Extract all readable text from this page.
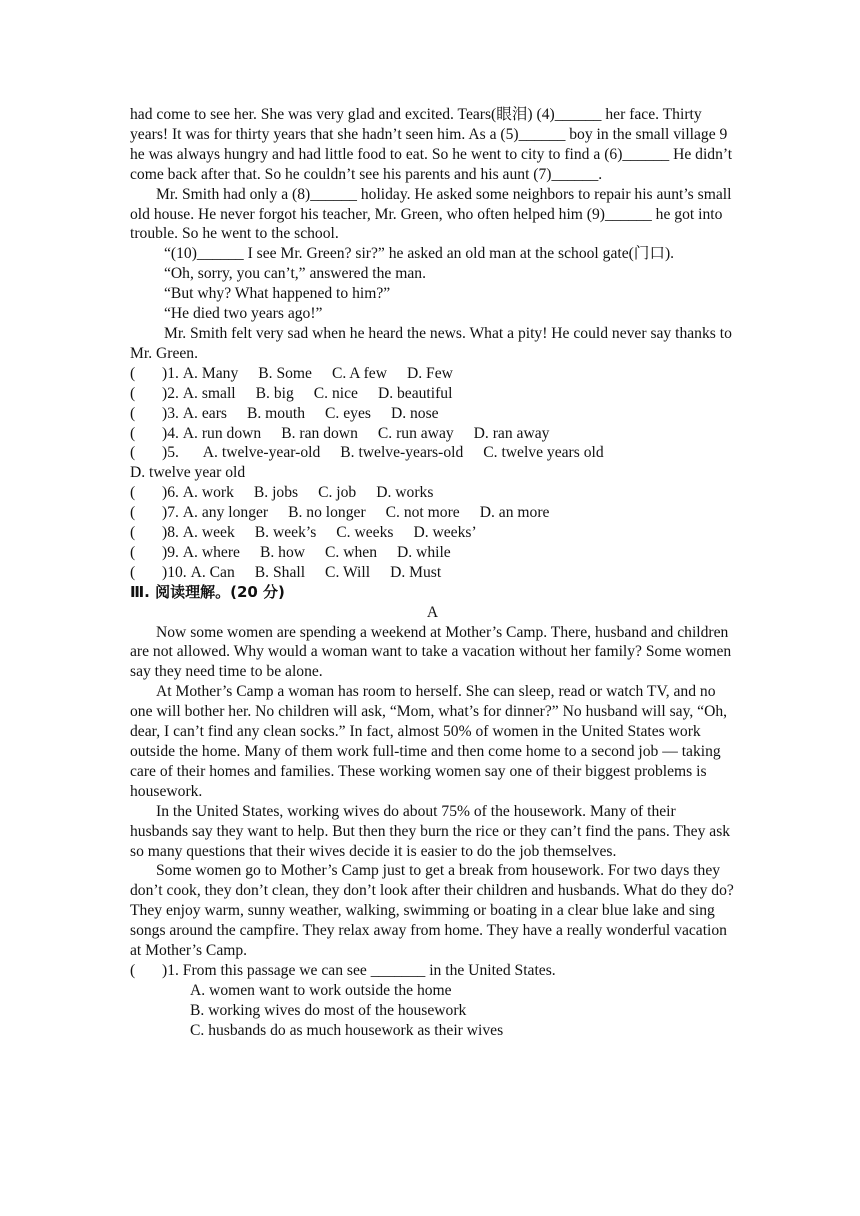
had come to see her. She was very glad and excited. Tears(眼泪) (4)______ her face. Thirty years! It was for thirty years that she hadn’t seen him. As a (5)______ boy in the small village 9 he was always hungry and had little food to eat. So he went to city to find a (6)______ He didn’t come back after that. So he couldn’t see his parents and his aunt (7)______.

Mr. Smith had only a (8)______ holiday. He asked some neighbors to repair his aunt’s small old house. He never forgot his teacher, Mr. Green, who often helped him (9)______ he got into trouble. So he went to the school.

“(10)______ I see Mr. Green? sir?” he asked an old man at the school gate(门口).

“Oh, sorry, you can’t,” answered the man.

“But why? What happened to him?”

“He died two years ago!”

Mr. Smith felt very sad when he heard the news. What a pity! He could never say thanks to Mr. Green.

( )1. A. Many B. Some C. A few D. Few

( )2. A. small B. big C. nice D. beautiful

( )3. A. ears B. mouth C. eyes D. nose

( )4. A. run down B. ran down C. run away D. ran away

( )5. A. twelve-year-old B. twelve-years-old C. twelve years oldD. twelve year old

( )6. A. work B. jobs C. job D. works

( )7. A. any longer B. no longer C. not more D. an more

( )8. A. week B. week’s C. weeks D. weeks’

( )9. A. where B. how C. when D. while

( )10. A. Can B. Shall C. Will D. Must

Ⅲ. 阅读理解。(20 分)

A

Now some women are spending a weekend at Mother’s Camp. There, husband and children are not allowed. Why would a woman want to take a vacation without her family? Some women say they need time to be alone.

At Mother’s Camp a woman has room to herself. She can sleep, read or watch TV, and no one will bother her. No children will ask, “Mom, what’s for dinner?” No husband will say, “Oh, dear, I can’t find any clean socks.” In fact, almost 50% of women in the United States work outside the home. Many of them work full-time and then come home to a second job — taking care of their homes and families. These working women say one of their biggest problems is housework.

In the United States, working wives do about 75% of the housework. Many of their husbands say they want to help. But then they burn the rice or they can’t find the pans. They ask so many questions that their wives decide it is easier to do the job themselves.

Some women go to Mother’s Camp just to get a break from housework. For two days they don’t cook, they don’t clean, they don’t look after their children and husbands. What do they do? They enjoy warm, sunny weather, walking, swimming or boating in a clear blue lake and sing songs around the campfire. They relax away from home. They have a really wonderful vacation at Mother’s Camp.

( )1. From this passage we can see _______ in the United States.

A. women want to work outside the home

B. working wives do most of the housework

C. husbands do as much housework as their wives
